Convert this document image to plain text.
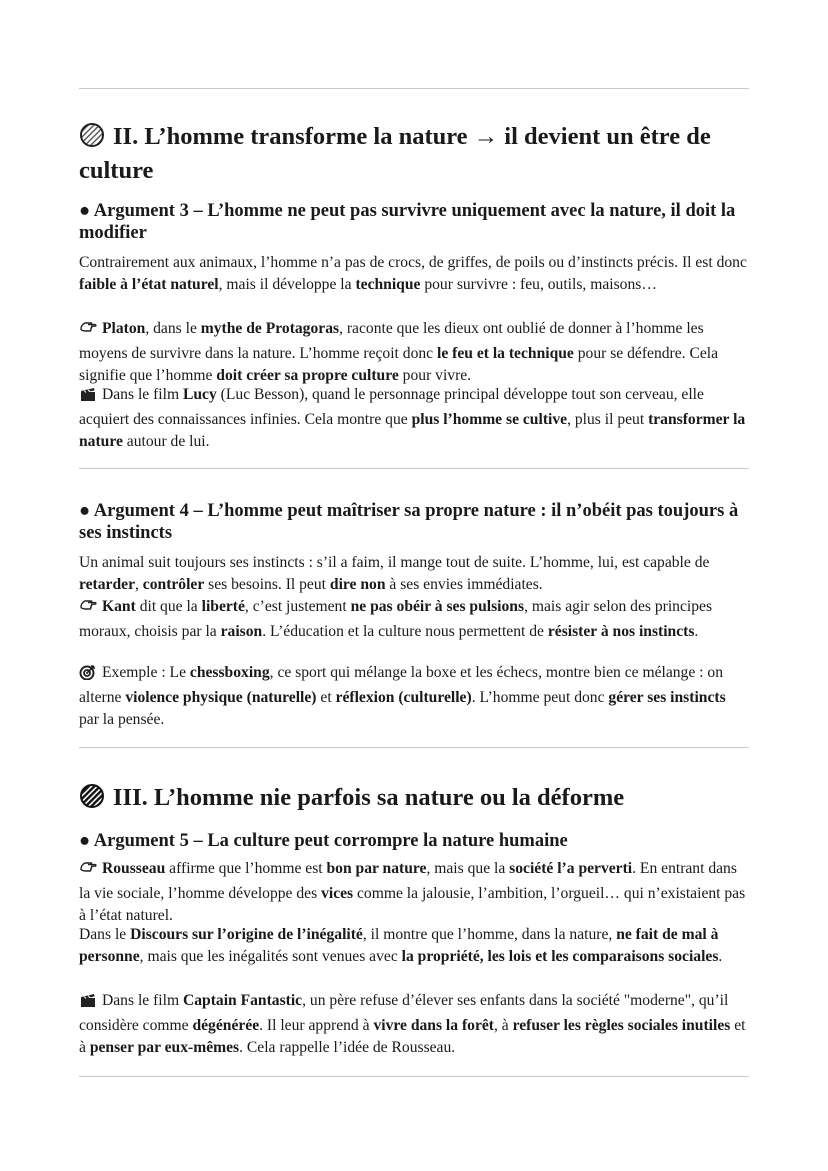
II. L’homme transforme la nature → il devient un être de culture
● Argument 3 – L’homme ne peut pas survivre uniquement avec la nature, il doit la modifier
Contrairement aux animaux, l’homme n’a pas de crocs, de griffes, de poils ou d’instincts précis. Il est donc faible à l’état naturel, mais il développe la technique pour survivre : feu, outils, maisons…
Platon, dans le mythe de Protagoras, raconte que les dieux ont oublié de donner à l’homme les moyens de survivre dans la nature. L’homme reçoit donc le feu et la technique pour se défendre. Cela signifie que l’homme doit créer sa propre culture pour vivre.
Dans le film Lucy (Luc Besson), quand le personnage principal développe tout son cerveau, elle acquiert des connaissances infinies. Cela montre que plus l’homme se cultive, plus il peut transformer la nature autour de lui.
● Argument 4 – L’homme peut maîtriser sa propre nature : il n’obéit pas toujours à ses instincts
Un animal suit toujours ses instincts : s’il a faim, il mange tout de suite. L’homme, lui, est capable de retarder, contrôler ses besoins. Il peut dire non à ses envies immédiates.
Kant dit que la liberté, c’est justement ne pas obéir à ses pulsions, mais agir selon des principes moraux, choisis par la raison. L’éducation et la culture nous permettent de résister à nos instincts.
Exemple : Le chessboxing, ce sport qui mélange la boxe et les échecs, montre bien ce mélange : on alterne violence physique (naturelle) et réflexion (culturelle). L’homme peut donc gérer ses instincts par la pensée.
III. L’homme nie parfois sa nature ou la déforme
● Argument 5 – La culture peut corrompre la nature humaine
Rousseau affirme que l’homme est bon par nature, mais que la société l’a perverti. En entrant dans la vie sociale, l’homme développe des vices comme la jalousie, l’ambition, l’orgueil… qui n’existaient pas à l’état naturel.
Dans le Discours sur l’origine de l’inégalité, il montre que l’homme, dans la nature, ne fait de mal à personne, mais que les inégalités sont venues avec la propriété, les lois et les comparaisons sociales.
Dans le film Captain Fantastic, un père refuse d’élever ses enfants dans la société "moderne", qu’il considère comme dégénérée. Il leur apprend à vivre dans la forêt, à refuser les règles sociales inutiles et à penser par eux-mêmes. Cela rappelle l’idée de Rousseau.
